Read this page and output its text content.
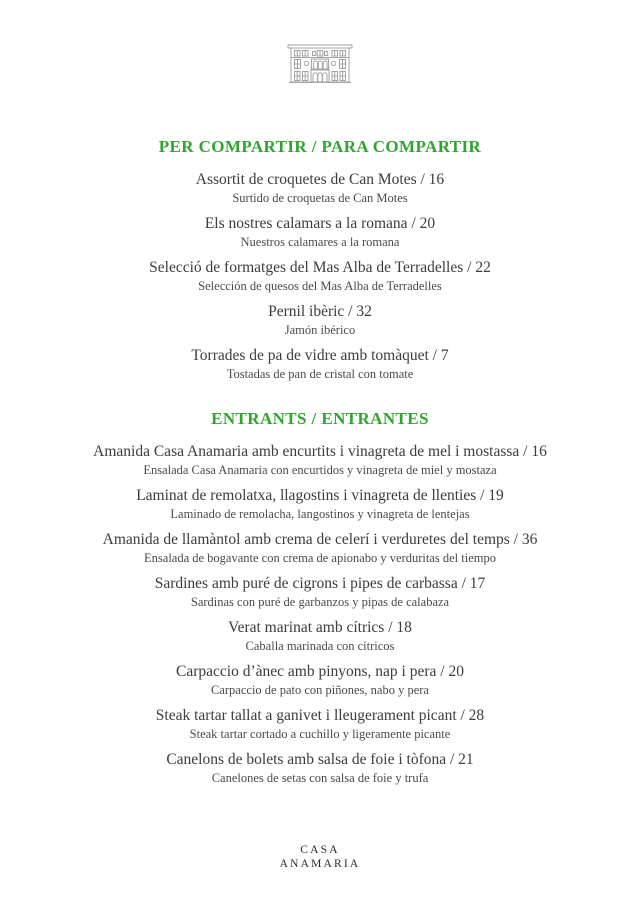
PER COMPARTIR / PARA COMPARTIR
Assortit de croquetes de Can Motes / 16
Surtido de croquetas de Can Motes
Els nostres calamars a la romana / 20
Nuestros calamares a la romana
Selecció de formatges del Mas Alba de Terradelles / 22
Selección de quesos del Mas Alba de Terradelles
Pernil ibèric / 32
Jamón ibérico
Torrades de pa de vidre amb tomàquet / 7
Tostadas de pan de cristal con tomate
ENTRANTS / ENTRANTES
Amanida Casa Anamaria amb encurtits i vinagreta de mel i mostassa / 16
Ensalada Casa Anamaria con encurtidos y vinagreta de miel y mostaza
Laminat de remolatxa, llagostins i vinagreta de llenties / 19
Laminado de remolacha, langostinos y vinagreta de lentejas
Amanida de llamàntol amb crema de celerí i verduretes del temps / 36
Ensalada de bogavante con crema de apionabo y verduritas del tiempo
Sardines amb puré de cigrons i pipes de carbassa / 17
Sardinas con puré de garbanzos y pipas de calabaza
Verat marinat amb cítrics / 18
Caballa marinada con cítricos
Carpaccio d’ànec amb pinyons, nap i pera / 20
Carpaccio de pato con piñones, nabo y pera
Steak tartar tallat a ganivet i lleugerament picant / 28
Steak tartar cortado a cuchillo y ligeramente picante
Canelons de bolets amb salsa de foie i tòfona / 21
Canelones de setas con salsa de foie y trufa
CASA
ANAMARIA
